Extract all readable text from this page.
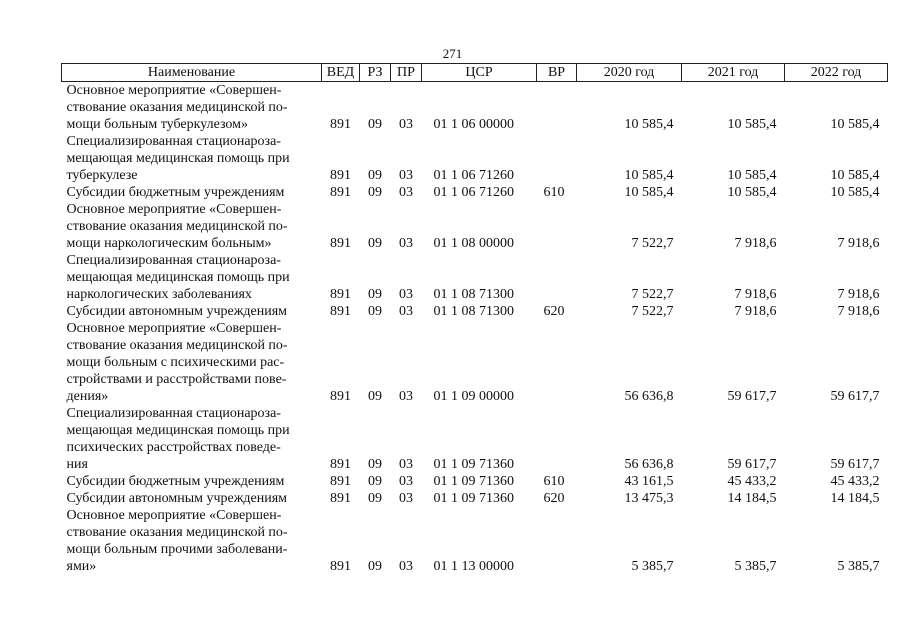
271
Наименование	ВЕД	РЗ	ПР	ЦСР	ВР	2020 год	2021 год	2022 год

Основное мероприятие «Совершен-
ствование оказания медицинской по-
мощи больным туберкулезом»	891	09	03	01 1 06 00000		10 585,4	10 585,4	10 585,4

Специализированная стационароза-
мещающая медицинская помощь при
туберкулезе	891	09	03	01 1 06 71260		10 585,4	10 585,4	10 585,4

Субсидии бюджетным учреждениям	891	09	03	01 1 06 71260	610	10 585,4	10 585,4	10 585,4

Основное мероприятие «Совершен-
ствование оказания медицинской по-
мощи наркологическим больным»	891	09	03	01 1 08 00000		7 522,7	7 918,6	7 918,6

Специализированная стационароза-
мещающая медицинская помощь при
наркологических заболеваниях	891	09	03	01 1 08 71300		7 522,7	7 918,6	7 918,6

Субсидии автономным учреждениям	891	09	03	01 1 08 71300	620	7 522,7	7 918,6	7 918,6

Основное мероприятие «Совершен-
ствование оказания медицинской по-
мощи больным с психическими рас-
стройствами и расстройствами пове-
дения»	891	09	03	01 1 09 00000		56 636,8	59 617,7	59 617,7

Специализированная стационароза-
мещающая медицинская помощь при
психических расстройствах поведе-
ния	891	09	03	01 1 09 71360		56 636,8	59 617,7	59 617,7

Субсидии бюджетным учреждениям	891	09	03	01 1 09 71360	610	43 161,5	45 433,2	45 433,2

Субсидии автономным учреждениям	891	09	03	01 1 09 71360	620	13 475,3	14 184,5	14 184,5

Основное мероприятие «Совершен-
ствование оказания медицинской по-
мощи больным прочими заболевани-
ями»	891	09	03	01 1 13 00000		5 385,7	5 385,7	5 385,7
